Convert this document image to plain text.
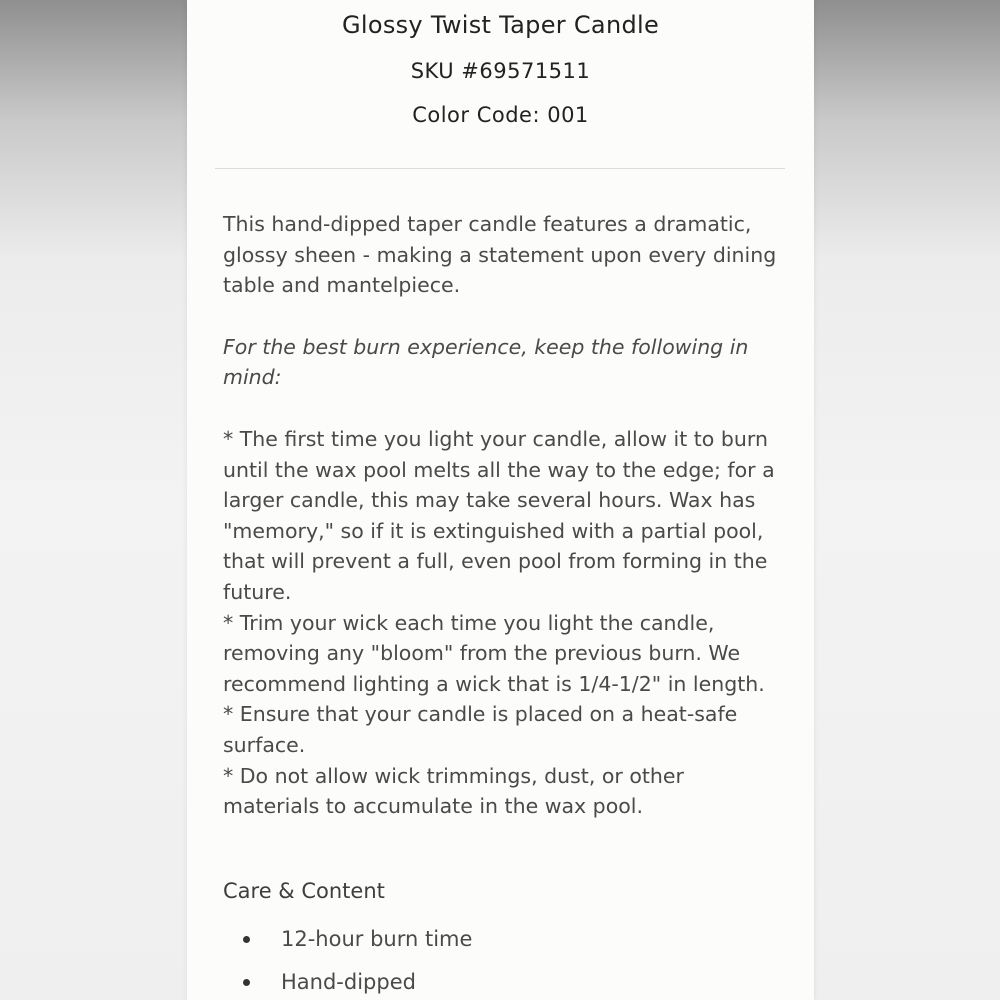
Glossy Twist Taper Candle
SKU #69571511
Color Code: 001

This hand-dipped taper candle features a dramatic, glossy sheen - making a statement upon every dining table and mantelpiece.

For the best burn experience, keep the following in mind:

* The first time you light your candle, allow it to burn until the wax pool melts all the way to the edge; for a larger candle, this may take several hours. Wax has "memory," so if it is extinguished with a partial pool, that will prevent a full, even pool from forming in the future.

* Trim your wick each time you light the candle, removing any "bloom" from the previous burn. We recommend lighting a wick that is 1/4-1/2" in length.

* Ensure that your candle is placed on a heat-safe surface.

* Do not allow wick trimmings, dust, or other materials to accumulate in the wax pool.

Care & Content
12-hour burn time
Hand-dipped
